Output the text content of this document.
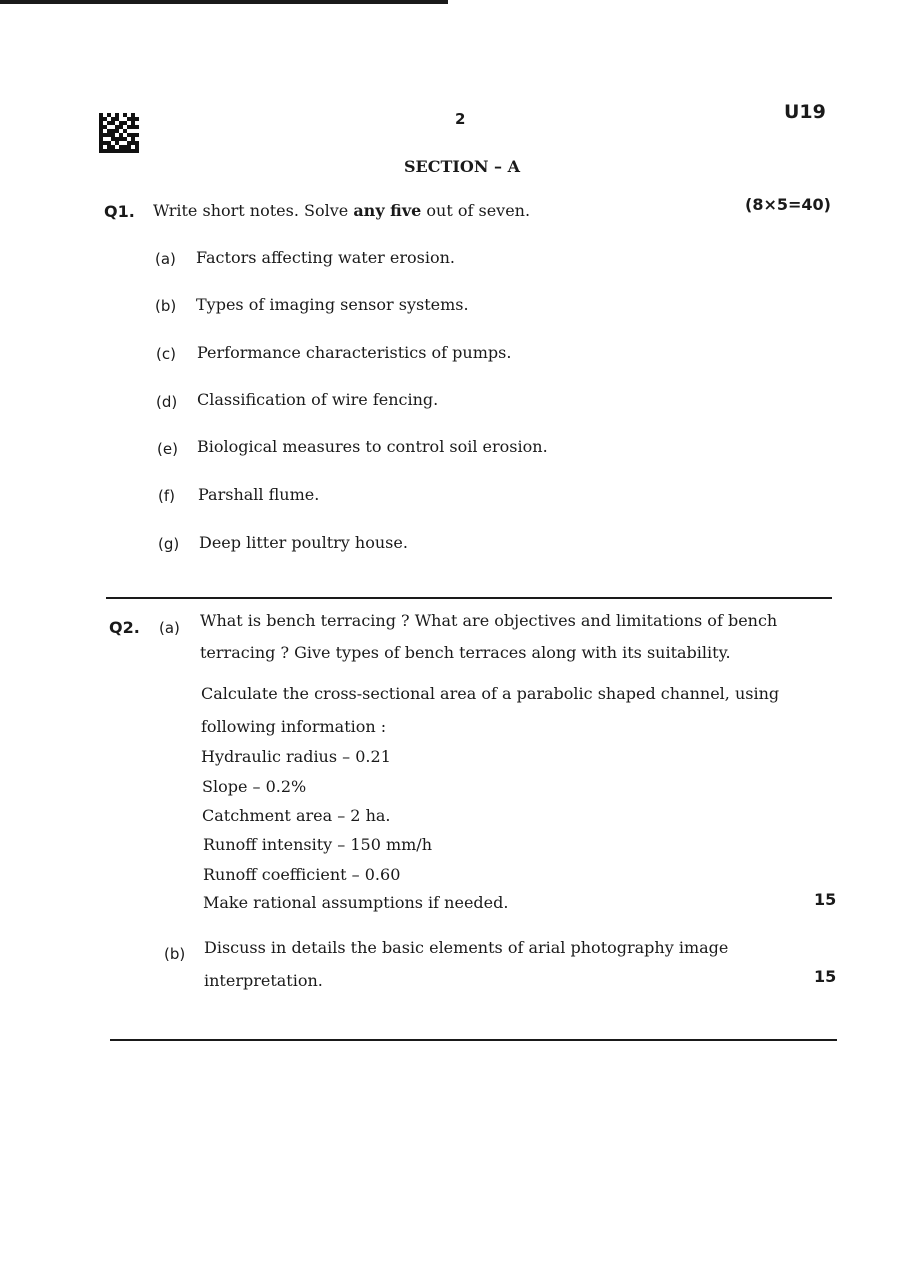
2	U19
SECTION – A
Q1. Write short notes. Solve any five out of seven.	(8×5=40)
(a) Factors affecting water erosion.
(b) Types of imaging sensor systems.
(c) Performance characteristics of pumps.
(d) Classification of wire fencing.
(e) Biological measures to control soil erosion.
(f) Parshall flume.
(g) Deep litter poultry house.
Q2. (a) What is bench terracing ? What are objectives and limitations of bench
terracing ? Give types of bench terraces along with its suitability.
Calculate the cross-sectional area of a parabolic shaped channel, using
following information :
Hydraulic radius – 0.21
Slope – 0.2%
Catchment area – 2 ha.
Runoff intensity – 150 mm/h
Runoff coefficient – 0.60
Make rational assumptions if needed.	15
(b) Discuss in details the basic elements of arial photography image
interpretation.	15
